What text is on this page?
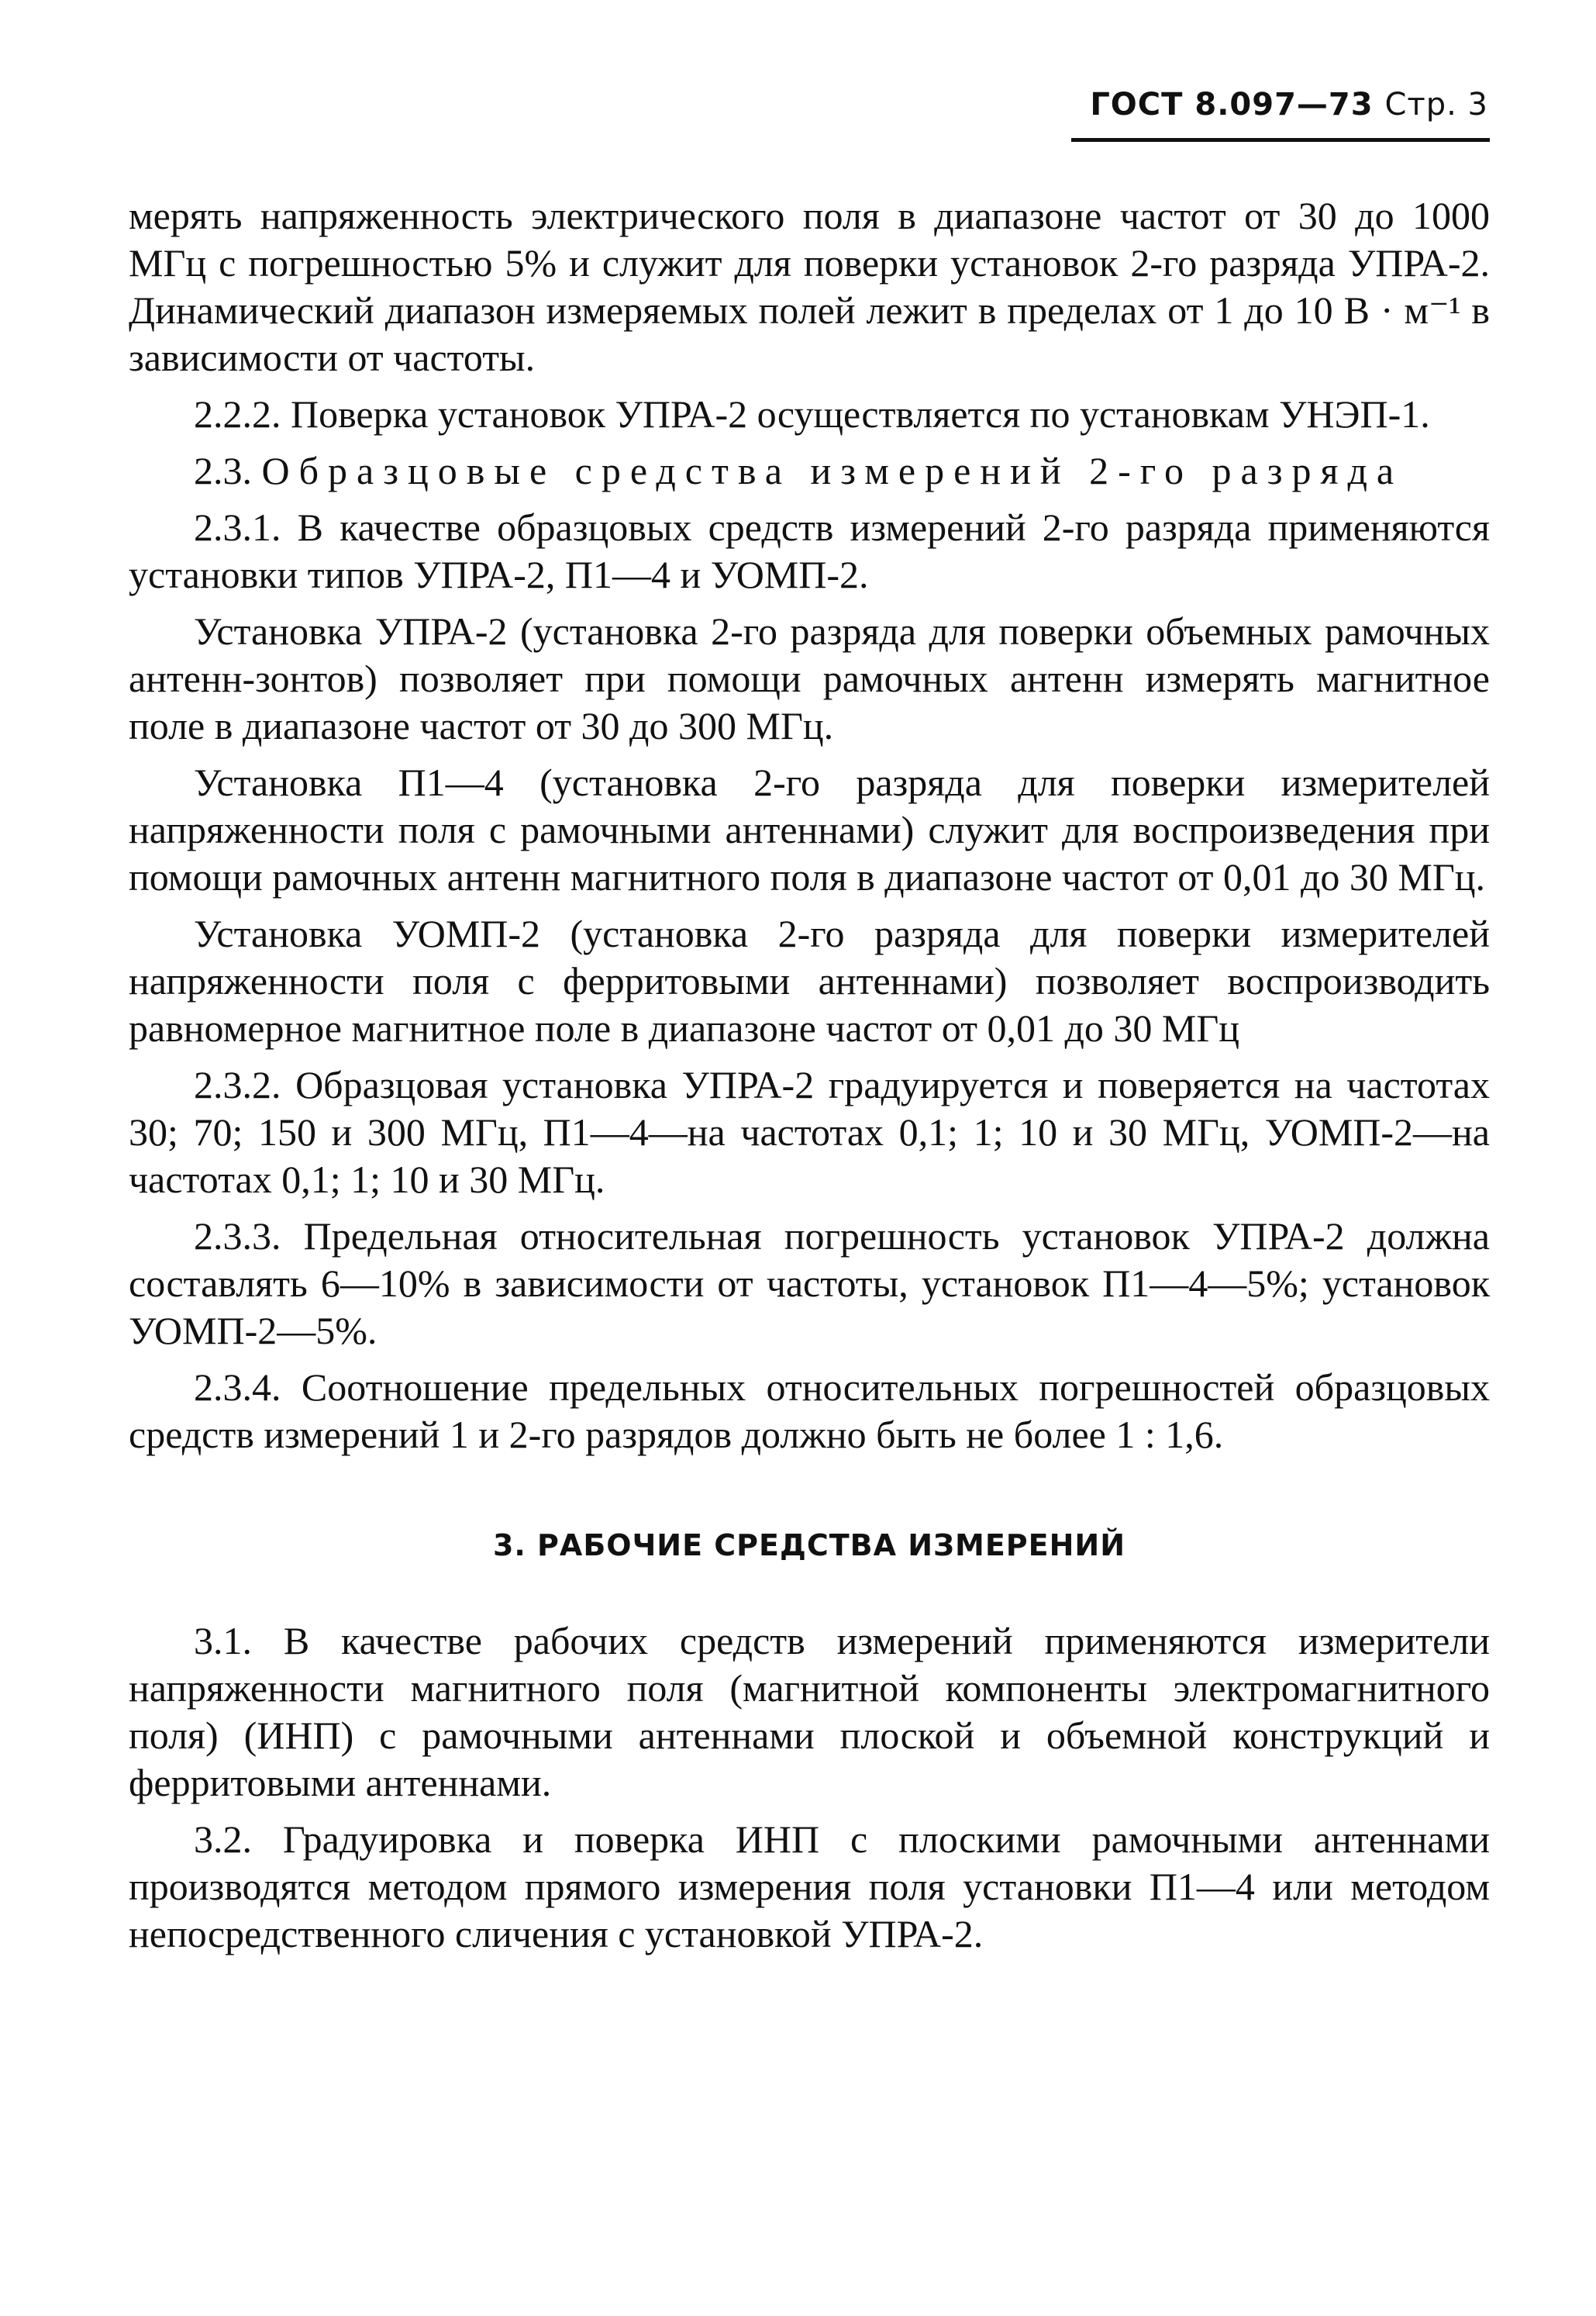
ГОСТ 8.097—73 Стр. 3

мерять напряженность электрического поля в диапазоне частот от 30 до 1000 МГц с погрешностью 5% и служит для поверки установок 2-го разряда УПРА-2. Динамический диапазон измеряемых полей лежит в пределах от 1 до 10 В · м⁻¹ в зависимости от частоты.

2.2.2. Поверка установок УПРА-2 осуществляется по установкам УНЭП-1.

2.3. Образцовые средства измерений 2-го разряда

2.3.1. В качестве образцовых средств измерений 2-го разряда применяются установки типов УПРА-2, П1—4 и УОМП-2.

Установка УПРА-2 (установка 2-го разряда для поверки объемных рамочных антенн-зонтов) позволяет при помощи рамочных антенн измерять магнитное поле в диапазоне частот от 30 до 300 МГц.

Установка П1—4 (установка 2-го разряда для поверки измерителей напряженности поля с рамочными антеннами) служит для воспроизведения при помощи рамочных антенн магнитного поля в диапазоне частот от 0,01 до 30 МГц.

Установка УОМП-2 (установка 2-го разряда для поверки измерителей напряженности поля с ферритовыми антеннами) позволяет воспроизводить равномерное магнитное поле в диапазоне частот от 0,01 до 30 МГц

2.3.2. Образцовая установка УПРА-2 градуируется и поверяется на частотах 30; 70; 150 и 300 МГц, П1—4—на частотах 0,1; 1; 10 и 30 МГц, УОМП-2—на частотах 0,1; 1; 10 и 30 МГц.

2.3.3. Предельная относительная погрешность установок УПРА-2 должна составлять 6—10% в зависимости от частоты, установок П1—4—5%; установок УОМП-2—5%.

2.3.4. Соотношение предельных относительных погрешностей образцовых средств измерений 1 и 2-го разрядов должно быть не более 1 : 1,6.

3. РАБОЧИЕ СРЕДСТВА ИЗМЕРЕНИЙ

3.1. В качестве рабочих средств измерений применяются измерители напряженности магнитного поля (магнитной компоненты электромагнитного поля) (ИНП) с рамочными антеннами плоской и объемной конструкций и ферритовыми антеннами.

3.2. Градуировка и поверка ИНП с плоскими рамочными антеннами производятся методом прямого измерения поля установки П1—4 или методом непосредственного сличения с установкой УПРА-2.
